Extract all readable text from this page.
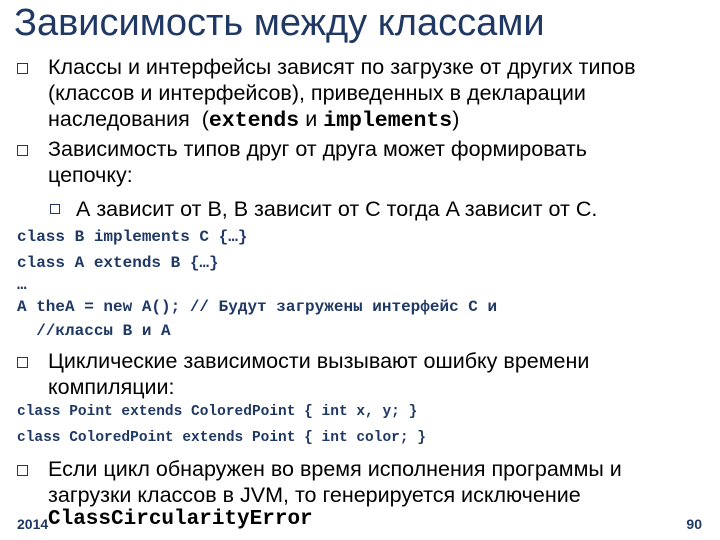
Зависимость между классами
Классы и интерфейсы зависят по загрузке от других типов
(классов и интерфейсов), приведенных в декларации
наследования  (extends и implements)
Зависимость типов друг от друга может формировать
цепочку:
А зависит от B, B зависит от C тогда A зависит от C.
class B implements C {…}
class A extends B {…}
…
A theA = new A(); // Будут загружены интерфейс C и
//классы B и A
Циклические зависимости вызывают ошибку времени
компиляции:
class Point extends ColoredPoint { int x, y; }
class ColoredPoint extends Point { int color; }
Если цикл обнаружен во время исполнения программы и
загрузки классов в JVM, то генерируется исключение
ClassCircularityError
2014	90
